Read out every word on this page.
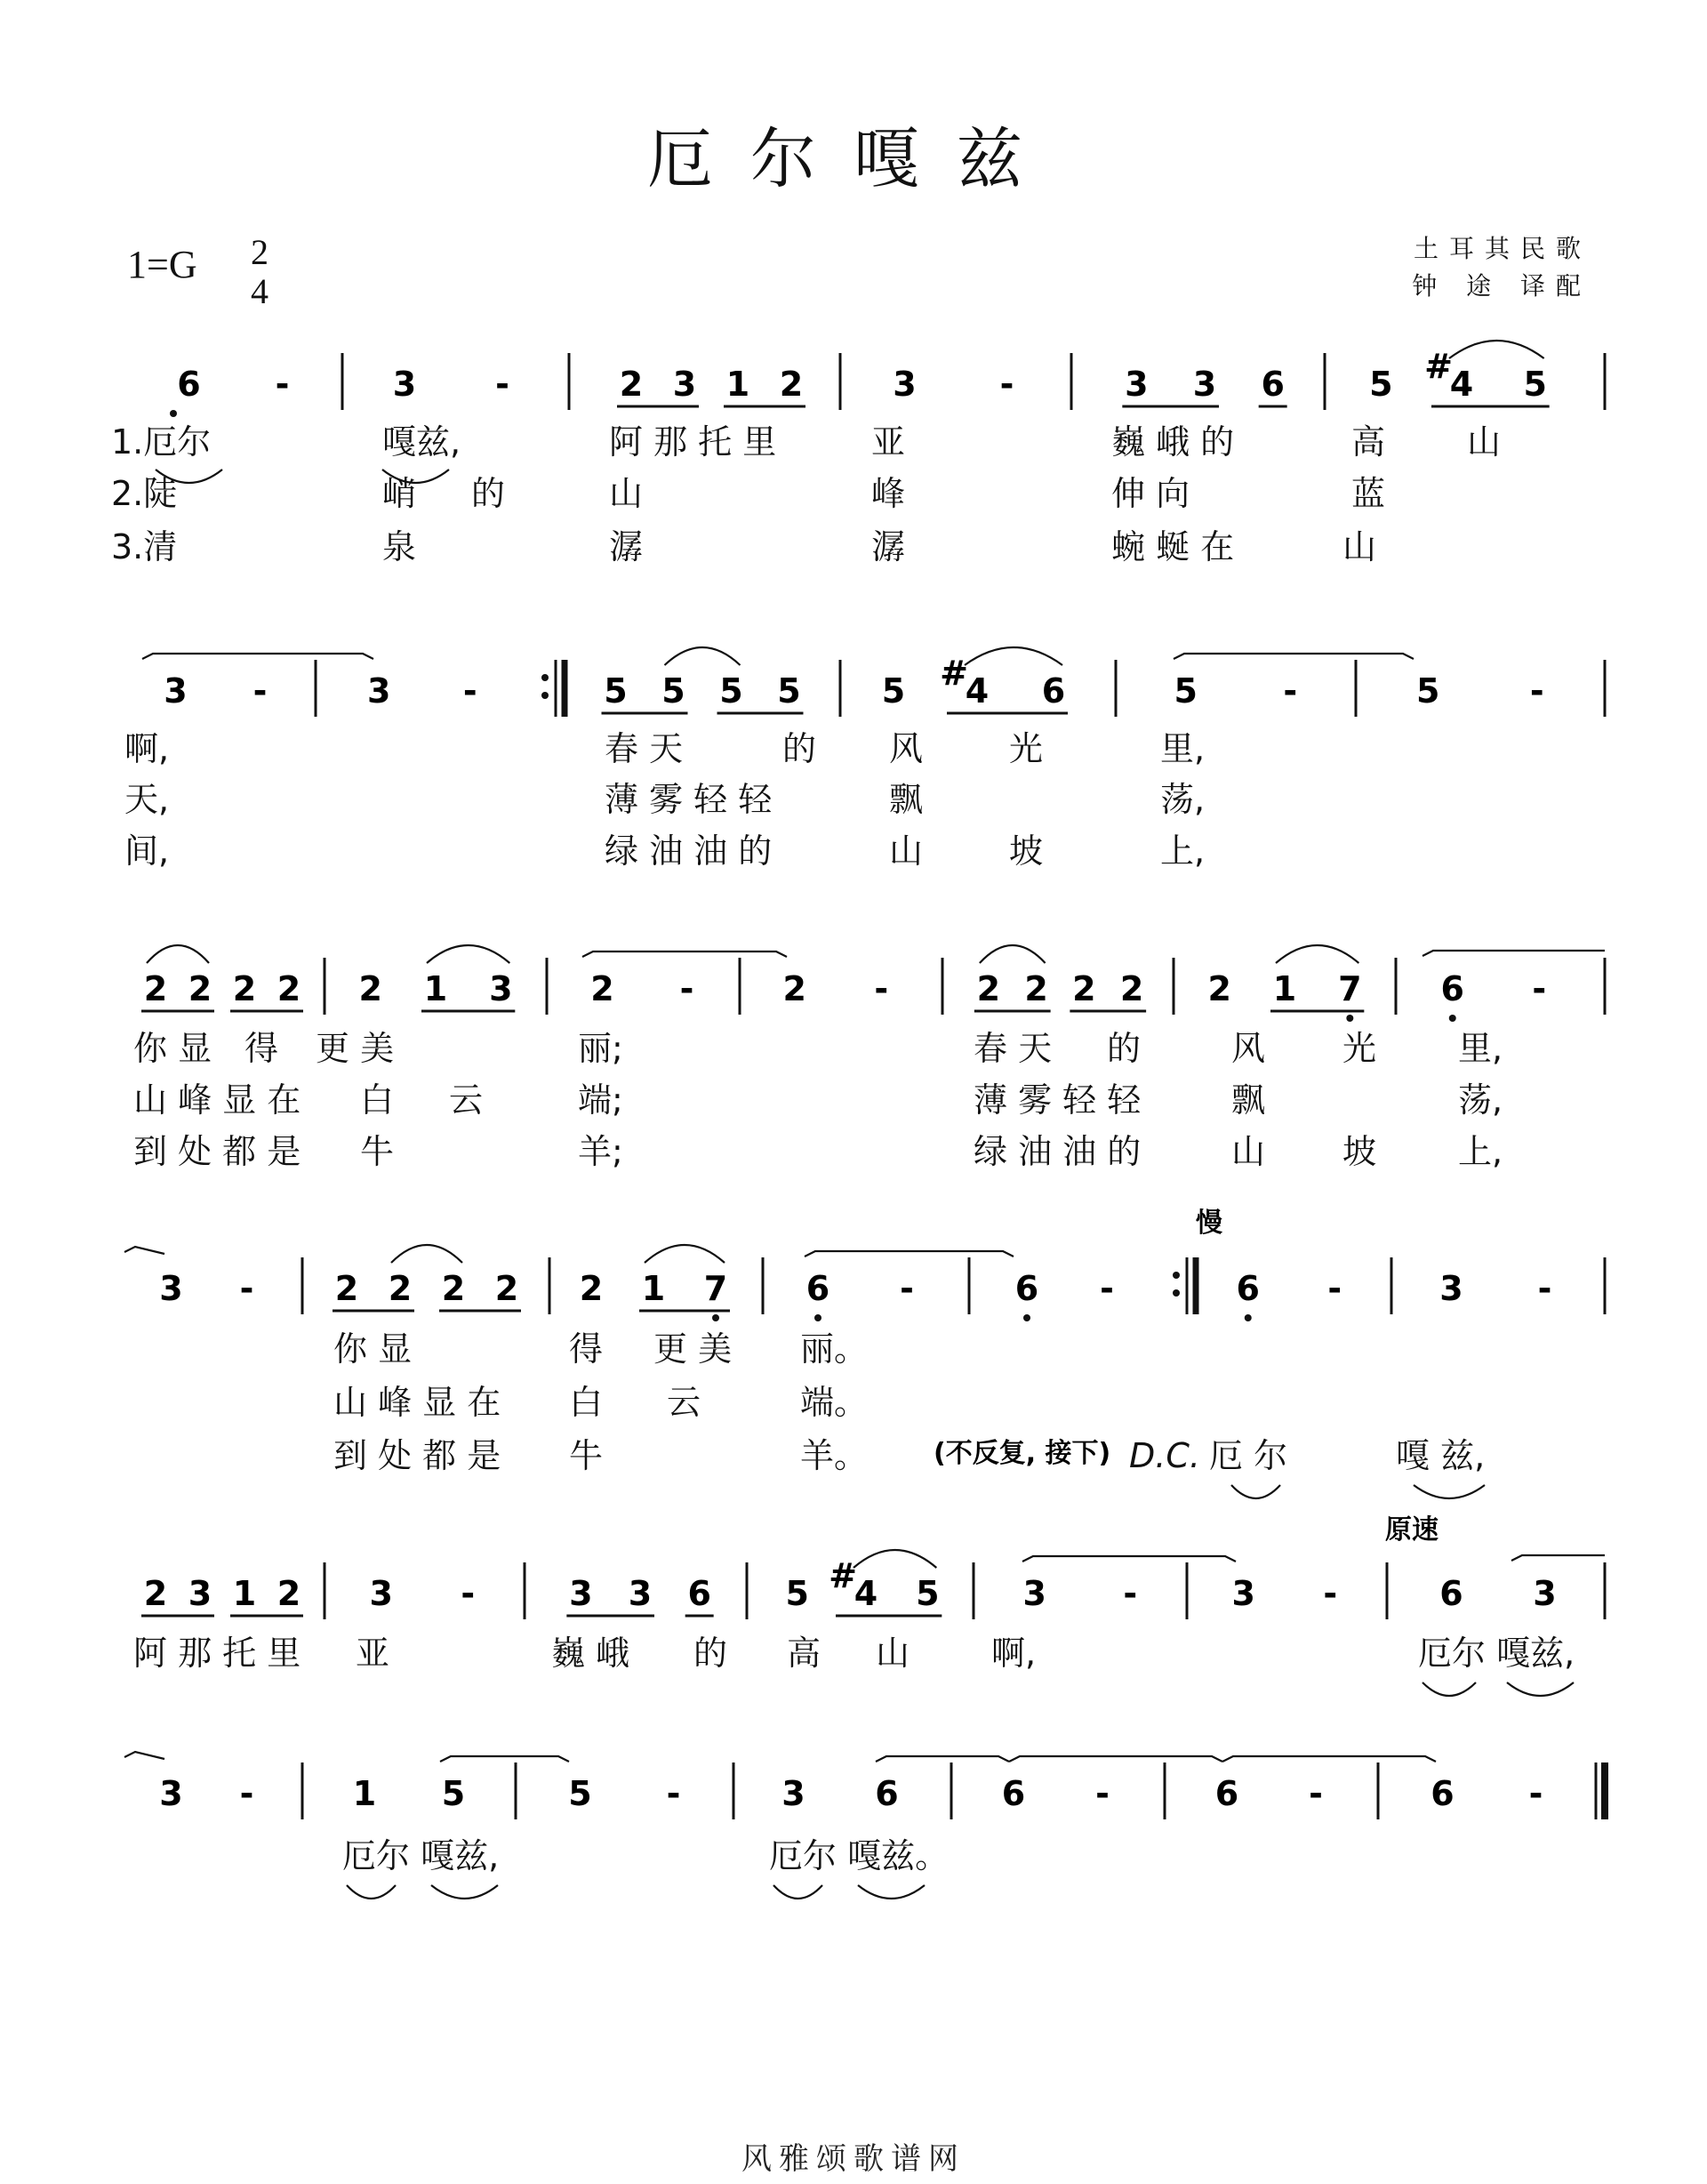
厄尔嘎兹
1=G 2
4
土耳其民歌
钟 途 译配
6 -	3 -	2 3 1 2	3 -	3 3 6	5 #
4 5
1.厄尔	嘎兹,	阿 那 托 里	亚	巍 峨 的	高 山
2.陡	峭 的	山	峰	伸 向	蓝
3.清	泉	潺	潺	蜿 蜒 在	山
3 -	3 -	5 5 5 5 5 #
4 6	5	-	5	-
啊,	春 天	的 风	光	里,
天,	薄 雾 轻 轻	飘	荡,
间,	绿 油 油 的	山	坡	上,
2 2 2 2 2 1 3 2 -	2 -	2 2 2 2 2 1 7 6 -
你 显 得 更 美	丽;	春 天 的	风 光 里,
山 峰 显 在 白 云	端;	薄 雾 轻 轻	飘	荡,
到 处 都 是 牛	羊;	绿 油 油 的	山 坡 上,
慢
3 - 2 2 2 2 2 1 7 6 -	6 -	6 -	3 -
你 显	得 更 美 丽。
山 峰 显 在 白 云	端。
到 处 都 是 牛	羊。 (不反复, 接下) D.C. 厄 尔	嘎 兹,
原速
2 3 1 2 3 -	3 3 6 5 #
4 5 3 -	3 -	6 3
阿 那 托 里 亚	巍 峨 的 高 山 啊,	厄尔 嘎兹,
3 -	1 5	5 -	3 6	6 -	6 -	6 -
厄尔 嘎兹,	厄尔 嘎兹。
风雅颂歌谱网
